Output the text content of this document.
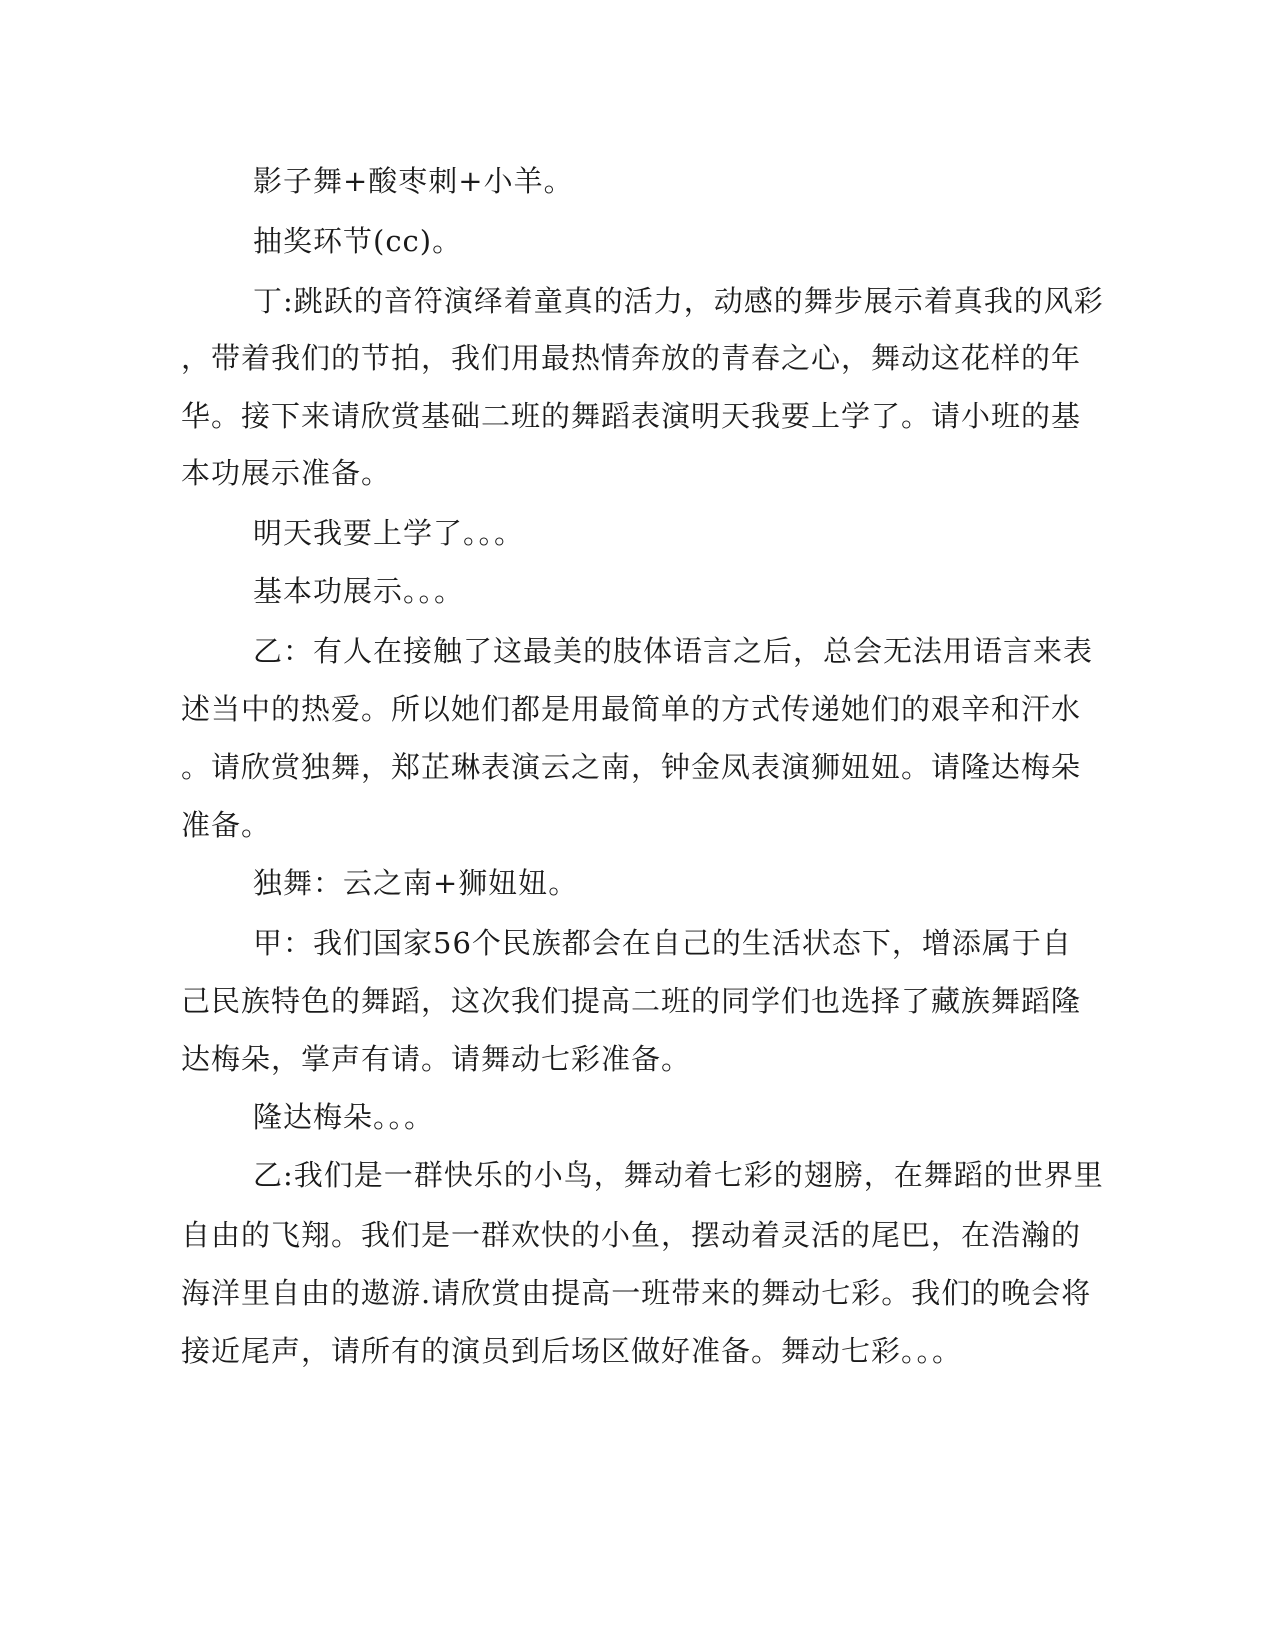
影子舞+酸枣刺+小羊。
抽奖环节(cc)。
丁:跳跃的音符演绎着童真的活力，动感的舞步展示着真我的风彩
，带着我们的节拍，我们用最热情奔放的青春之心，舞动这花样的年
华。接下来请欣赏基础二班的舞蹈表演明天我要上学了。请小班的基
本功展示准备。
明天我要上学了。。。
基本功展示。。。
乙：有人在接触了这最美的肢体语言之后，总会无法用语言来表
述当中的热爱。所以她们都是用最简单的方式传递她们的艰辛和汗水
。请欣赏独舞，郑芷琳表演云之南，钟金凤表演狮妞妞。请隆达梅朵
准备。
独舞：云之南+狮妞妞。
甲：我们国家56个民族都会在自己的生活状态下，增添属于自
己民族特色的舞蹈，这次我们提高二班的同学们也选择了藏族舞蹈隆
达梅朵，掌声有请。请舞动七彩准备。
隆达梅朵。。。
乙:我们是一群快乐的小鸟，舞动着七彩的翅膀，在舞蹈的世界里
自由的飞翔。我们是一群欢快的小鱼，摆动着灵活的尾巴，在浩瀚的
海洋里自由的遨游.请欣赏由提高一班带来的舞动七彩。我们的晚会将
接近尾声，请所有的演员到后场区做好准备。舞动七彩。。。
